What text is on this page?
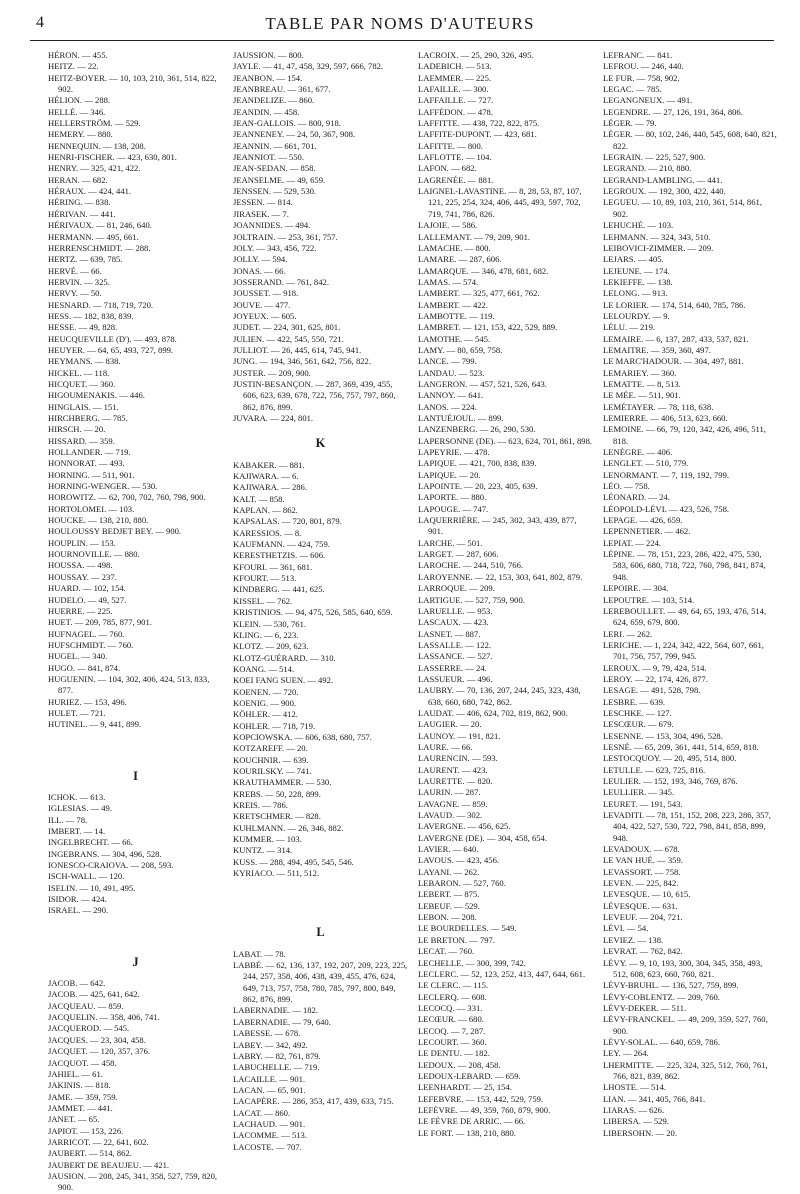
4	TABLE PAR NOMS D'AUTEURS
HÉRON. — 455.
HEITZ. — 22.
HEITZ-BOYER. — 10, 103, 210, 361, 514, 822, 902.
HÉLION. — 288.
HELLÉ. — 346.
HELLERSTRÖM. — 529.
HEMERY. — 880.
HENNEQUIN. — 138, 208.
HENRI-FISCHER. — 423, 630, 801.
HENRY. — 325, 421, 422.
HERAN. — 682.
HÉRAUX. — 424, 441.
HÉRING. — 838.
HÉRIVAN. — 441.
HÉRIVAUX. — 81, 246, 640.
HERMANN. — 495, 661.
HERRENSCHMIDT. — 288.
HERTZ. — 639, 785.
HERVÉ. — 66.
HERVIN. — 325.
HERVY. — 50.
HESNARD. — 718, 719, 720.
HESS. — 182, 838, 839.
HESSE. — 49, 828.
HEUCQUEVILLE (D'). — 493, 878.
HEUYER. — 64, 65, 493, 727, 899.
HEYMANS. — 838.
HICKEL. — 118.
HICQUET. — 360.
HIGOUMENAKIS. — 446.
HINGLAIS. — 151.
HIRCHBERG. — 785.
HIRSCH. — 20.
HISSARD. — 359.
HOLLANDER. — 719.
HONNORAT. — 493.
HORNING. — 511, 901.
HORNING-WENGER. — 530.
HOROWITZ. — 62, 700, 702, 760, 798, 900.
HORTOLOMEI. — 103.
HOUCKE. — 138, 210, 880.
HOULOUSSY BEDJET BEY. — 900.
HOUPLIN. — 153.
HOURNOVILLE. — 880.
HOUSSA. — 498.
HOUSSAY. — 237.
HUARD. — 102, 154.
HUDELO. — 49, 527.
HUERRE. — 225.
HUET. — 209, 785, 877, 901.
HUFNAGEL. — 760.
HUFSCHMIDT. — 760.
HUGEL. — 340.
HUGO. — 841, 874.
HUGUENIN. — 104, 302, 406, 424, 513, 833, 877.
HURIEZ. — 153, 496.
HULET. — 721.
HUTINEL. — 9, 441, 899.
I
ICHOK. — 613.
IGLESIAS. — 49.
ILL. — 78.
IMBERT. — 14.
INGELBRECHT. — 66.
INGEBRANS. — 304, 496, 528.
IONESCO-CRAIOVA. — 208, 593.
ISCH-WALL. — 120.
ISELIN. — 10, 491, 495.
ISIDOR. — 424.
ISRAEL. — 290.
J
JACOB. — 642.
JACOB. — 425, 641, 642.
JACQUEAU. — 859.
JACQUELIN. — 358, 406, 741.
JACQUEROD. — 545.
JACQUES. — 23, 304, 458.
JACQUET. — 120, 357, 376.
JACQUOT. — 458.
JAHIEL. — 61.
JAKINIS. — 818.
JAME. — 359, 759.
JAMMET. — 441.
JANET. — 65.
JAPIOT. — 153, 226.
JARRICOT. — 22, 641, 602.
JAUBERT. — 514, 862.
JAUBERT DE BEAUJEU. — 421.
JAUSION. — 208, 245, 341, 358, 527, 759, 820, 900.
JAUSSION. — 800.
JAYLE. — 41, 47, 458, 329, 597, 666, 782.
JEANBON. — 154.
JEANBREAU. — 361, 677.
JEANDELIZE. — 860.
JEANDIN. — 458.
JEAN-GALLOIS. — 800, 918.
JEANNENEY. — 24, 50, 367, 908.
JEANNIN. — 661, 701.
JEANNIOT. — 550.
JEAN-SEDAN. — 858.
JEANSELME. — 49, 659.
JENSSEN. — 529, 530.
JESSEN. — 814.
JIRASEK. — 7.
JOANNIDES. — 494.
JOLTRAIN. — 253, 361, 757.
JOLY. — 343, 456, 722.
JOLLY. — 594.
JONAS. — 66.
JOSSERAND. — 761, 842.
JOUSSET. — 918.
JOUVE. — 477.
JOYEUX. — 605.
JUDET. — 224, 301, 625, 801.
JULIEN. — 422, 545, 550, 721.
JULLIOT. — 26, 445, 614, 745, 941.
JUNG. — 194, 346, 561, 642, 756, 822.
JUSTER. — 209, 900.
JUSTIN-BESANÇON. — 287, 369, 439, 455, 606, 623, 639, 678, 722, 756, 757, 797, 860, 862, 876, 899.
JUVARA. — 224, 801.
K
KABAKER. — 881.
KAJIWARA. — 6.
KAJIWARA. — 286.
KALT. — 858.
KAPLAN. — 862.
KAPSALAS. — 720, 801, 879.
KARESSIOS. — 8.
KAUFMANN. — 424, 759.
KERESTHETZIS. — 606.
KFOURI. — 361, 681.
KFOURT. — 513.
KINDBERG. — 441, 625.
KISSEL. — 762.
KRISTINIOS. — 94, 475, 526, 585, 640, 659.
KLEIN. — 530, 761.
KLING. — 6, 223.
KLOTZ. — 209, 623.
KLOTZ-GUÉRARD. — 310.
KOANG. — 514.
KOEI FANG SUEN. — 492.
KOENEN. — 720.
KOENIG. — 900.
KÖHLER. — 412.
KOHLER. — 718, 719.
KOPCIOWSKA. — 606, 638, 680, 757.
KOTZAREFF. — 20.
KOUCHNIR. — 639.
KOURILSKY. — 741.
KRAUTHAMMER. — 530.
KREBS. — 50, 228, 899.
KREIS. — 786.
KRETSCHMER. — 828.
KUHLMANN. — 26, 346, 882.
KUMMER. — 103.
KUNTZ. — 314.
KUSS. — 288, 494, 495, 545, 546.
KYRIACO. — 511, 512.
L
LABAT. — 78.
LABBÉ. — 62, 136, 137, 192, 207, 209, 223, 225, 244, 257, 358, 406, 438, 439, 455, 476, 624, 649, 713, 757, 758, 780, 785, 797, 800, 849, 862, 876, 899.
LABERNADIE. — 182.
LABERNADIE. — 79, 640.
LABESSE. — 678.
LABEY. — 342, 492.
LABRY. — 82, 761, 879.
LABUCHELLE. — 719.
LACAILLE. — 901.
LACAN. — 65, 901.
LACAPÈRE. — 286, 353, 417, 439, 633, 715.
LACAT. — 860.
LACHAUD. — 901.
LACOMME. — 513.
LACOSTE. — 707.
LACROIX. — 25, 290, 326, 495.
LADEBICH. — 513.
LAEMMER. — 225.
LAFAILLE. — 300.
LAFFAILLE. — 727.
LAFFÉDON. — 478.
LAFFITTE. — 438, 722, 822, 875.
LAFFITE-DUPONT. — 423, 681.
LAFITTE. — 800.
LAFLOTTE. — 104.
LAFON. — 682.
LAGRENÉE. — 881.
LAIGNEL-LAVASTINE. — 8, 28, 53, 87, 107, 121, 225, 254, 324, 406, 445, 493, 597, 702, 719, 741, 786, 826.
LAJOIE. — 586.
LALLEMANT. — 79, 209, 901.
LAMACHE. — 800.
LAMARE. — 287, 606.
LAMARQUE. — 346, 478, 681, 682.
LAMAS. — 574.
LAMBERT. — 325, 477, 661, 762.
LAMBERT. — 422.
LAMBOTTE. — 119.
LAMBRET. — 121, 153, 422, 529, 889.
LAMOTHE. — 545.
LAMY. — 80, 659, 758.
LANCE. — 799.
LANDAU. — 523.
LANGERON. — 457, 521, 526, 643.
LANNOY. — 641.
LANOS. — 224.
LANTUÉJOUL. — 899.
LANZENBERG. — 26, 290, 530.
LAPERSONNE (DE). — 623, 624, 701, 861, 898.
LAPEYRIE. — 478.
LAPIQUE. — 421, 700, 838, 839.
LAPIQUE. — 20.
LAPOINTE. — 20, 223, 405, 639.
LAPORTE. — 880.
LAPOUGE. — 747.
LAQUERRIÈRE. — 245, 302, 343, 439, 877, 901.
LARCHE. — 501.
LARGET. — 287, 606.
LAROCHE. — 244, 510, 766.
LAROYENNE. — 22, 153, 303, 641, 802, 879.
LARROQUE. — 209.
LARTIGUE. — 527, 759, 900.
LARUELLE. — 953.
LASCAUX. — 423.
LASNET. — 887.
LASSALLE. — 122.
LASSANCE. — 527.
LASSERRE. — 24.
LASSUEUR. — 496.
LAUBRY. — 70, 136, 207, 244, 245, 323, 438, 638, 660, 680, 742, 862.
LAUDAT. — 406, 624, 702, 819, 862, 900.
LAUGIER. — 20.
LAUNOY. — 191, 821.
LAURE. — 66.
LAURENCIN. — 593.
LAURENT. — 423.
LAURETTE. — 820.
LAURIN. — 287.
LAVAGNE. — 859.
LAVAUD. — 302.
LAVERGNE. — 456, 625.
LAVERGNE (DE). — 304, 458, 654.
LAVIER. — 640.
LAVOUS. — 423, 456.
LAYANI. — 262.
LEBARON. — 527, 760.
LEBERT. — 875.
LEBEUF. — 529.
LEBON. — 208.
LE BOURDELLES. — 549.
LE BRETON. — 797.
LECAT. — 760.
LECHELLE. — 300, 399, 742.
LECLERC. — 52, 123, 252, 413, 447, 644, 661.
LE CLERC. — 115.
LECLERQ. — 608.
LECOCQ. — 331.
LECŒUR. — 680.
LECOQ. — 7, 287.
LECOURT. — 360.
LE DENTU. — 182.
LEDOUX. — 208, 458.
LEDOUX-LEBARD. — 659.
LEENHARDT. — 25, 154.
LEFEBVRE. — 153, 442, 529, 759.
LEFÈVRE. — 49, 359, 760, 879, 900.
LE FÈVRE DE ARRIC. — 66.
LE FORT. — 138, 210, 880.
LEFRANC. — 841.
LEFROU. — 246, 440.
LE FUR. — 758, 902.
LEGAC. — 785.
LEGANGNEUX. — 491.
LEGENDRE. — 27, 126, 191, 364, 806.
LÉGER. — 79.
LÉGER. — 80, 102, 246, 440, 545, 608, 640, 821, 822.
LEGRAIN. — 225, 527, 900.
LEGRAND. — 210, 880.
LEGRAND-LAMBLING. — 441.
LEGROUX. — 192, 300, 422, 440.
LEGUEU. — 10, 89, 103, 210, 361, 514, 861, 902.
LEHUCHÉ. — 103.
LEHMANN. — 324, 343, 510.
LEIBOVICI-ZIMMER. — 209.
LEJARS. — 405.
LEJEUNE. — 174.
LEKIEFFE. — 138.
LELONG. — 913.
LE LORIER. — 174, 514, 640, 785, 786.
LELOURDY. — 9.
LÉLU. — 219.
LEMAIRE. — 6, 137, 287, 433, 537, 821.
LEMAITRE. — 359, 360, 497.
LE MARC'HADOUR. — 304, 497, 881.
LEMARIEY. — 360.
LEMATTE. — 8, 513.
LE MÉE. — 511, 901.
LEMÉTAYER. — 78, 118, 638.
LEMIERRE. — 406, 513, 623, 660.
LEMOINE. — 66, 79, 120, 342, 426, 496, 511, 818.
LENÈGRE. — 406.
LENGLET. — 510, 779.
LENORMANT. — 7, 119, 192, 799.
LÉO. — 758.
LÉONARD. — 24.
LÉOPOLD-LÉVI. — 423, 526, 758.
LEPAGE. — 426, 659.
LEPENNETIER. — 462.
LEPIAT. — 224.
LÉPINE. — 78, 151, 223, 286, 422, 475, 530, 583, 606, 680, 718, 722, 760, 798, 841, 874, 948.
LEPOIRE. — 304.
LEPOUTRE. — 103, 514.
LEREBOULLET. — 49, 64, 65, 193, 476, 514, 624, 659, 679, 800.
LERI. — 262.
LERICHE. — 1, 224, 342, 422, 564, 607, 661, 701, 756, 757, 799, 945.
LEROUX. — 9, 79, 424, 514.
LEROY. — 22, 174, 426, 877.
LESAGE. — 491, 528, 798.
LESBRE. — 639.
LESCHKE. — 127.
LESCŒUR. — 679.
LESENNE. — 153, 304, 496, 528.
LESNÉ. — 65, 209, 361, 441, 514, 659, 818.
LESTOCQUOY. — 20, 495, 514, 800.
LETULLE. — 623, 725, 816.
LEULIER. — 152, 193, 346, 769, 876.
LEULLIER. — 345.
LEURET. — 191, 543.
LEVADITI. — 78, 151, 152, 208, 223, 286, 357, 404, 422, 527, 530, 722, 798, 841, 858, 899, 948.
LEVADOUX. — 678.
LE VAN HUÉ. — 359.
LEVASSORT. — 758.
LEVEN. — 225, 842.
LEVESQUE. — 10, 615.
LÉVESQUE. — 631.
LEVEUF. — 204, 721.
LÉVI. — 54.
LEVIEZ. — 138.
LEVRAT. — 762, 842.
LÉVY. — 9, 10, 193, 300, 304, 345, 358, 493, 512, 608, 623, 660, 760, 821.
LÉVY-BRUHL. — 136, 527, 759, 899.
LÉVY-COBLENTZ. — 209, 760.
LÉVY-DEKER. — 511.
LÉVY-FRANCKEL. — 49, 209, 359, 527, 760, 900.
LÉVY-SOLAL. — 640, 659, 786.
LEY. — 264.
LHERMITTE. — 225, 324, 325, 512, 760, 761, 766, 821, 839, 862.
LHOSTE. — 514.
LIAN. — 341, 405, 766, 841.
LIARAS. — 626.
LIBERSA. — 529.
LIBERSOHN. — 20.
